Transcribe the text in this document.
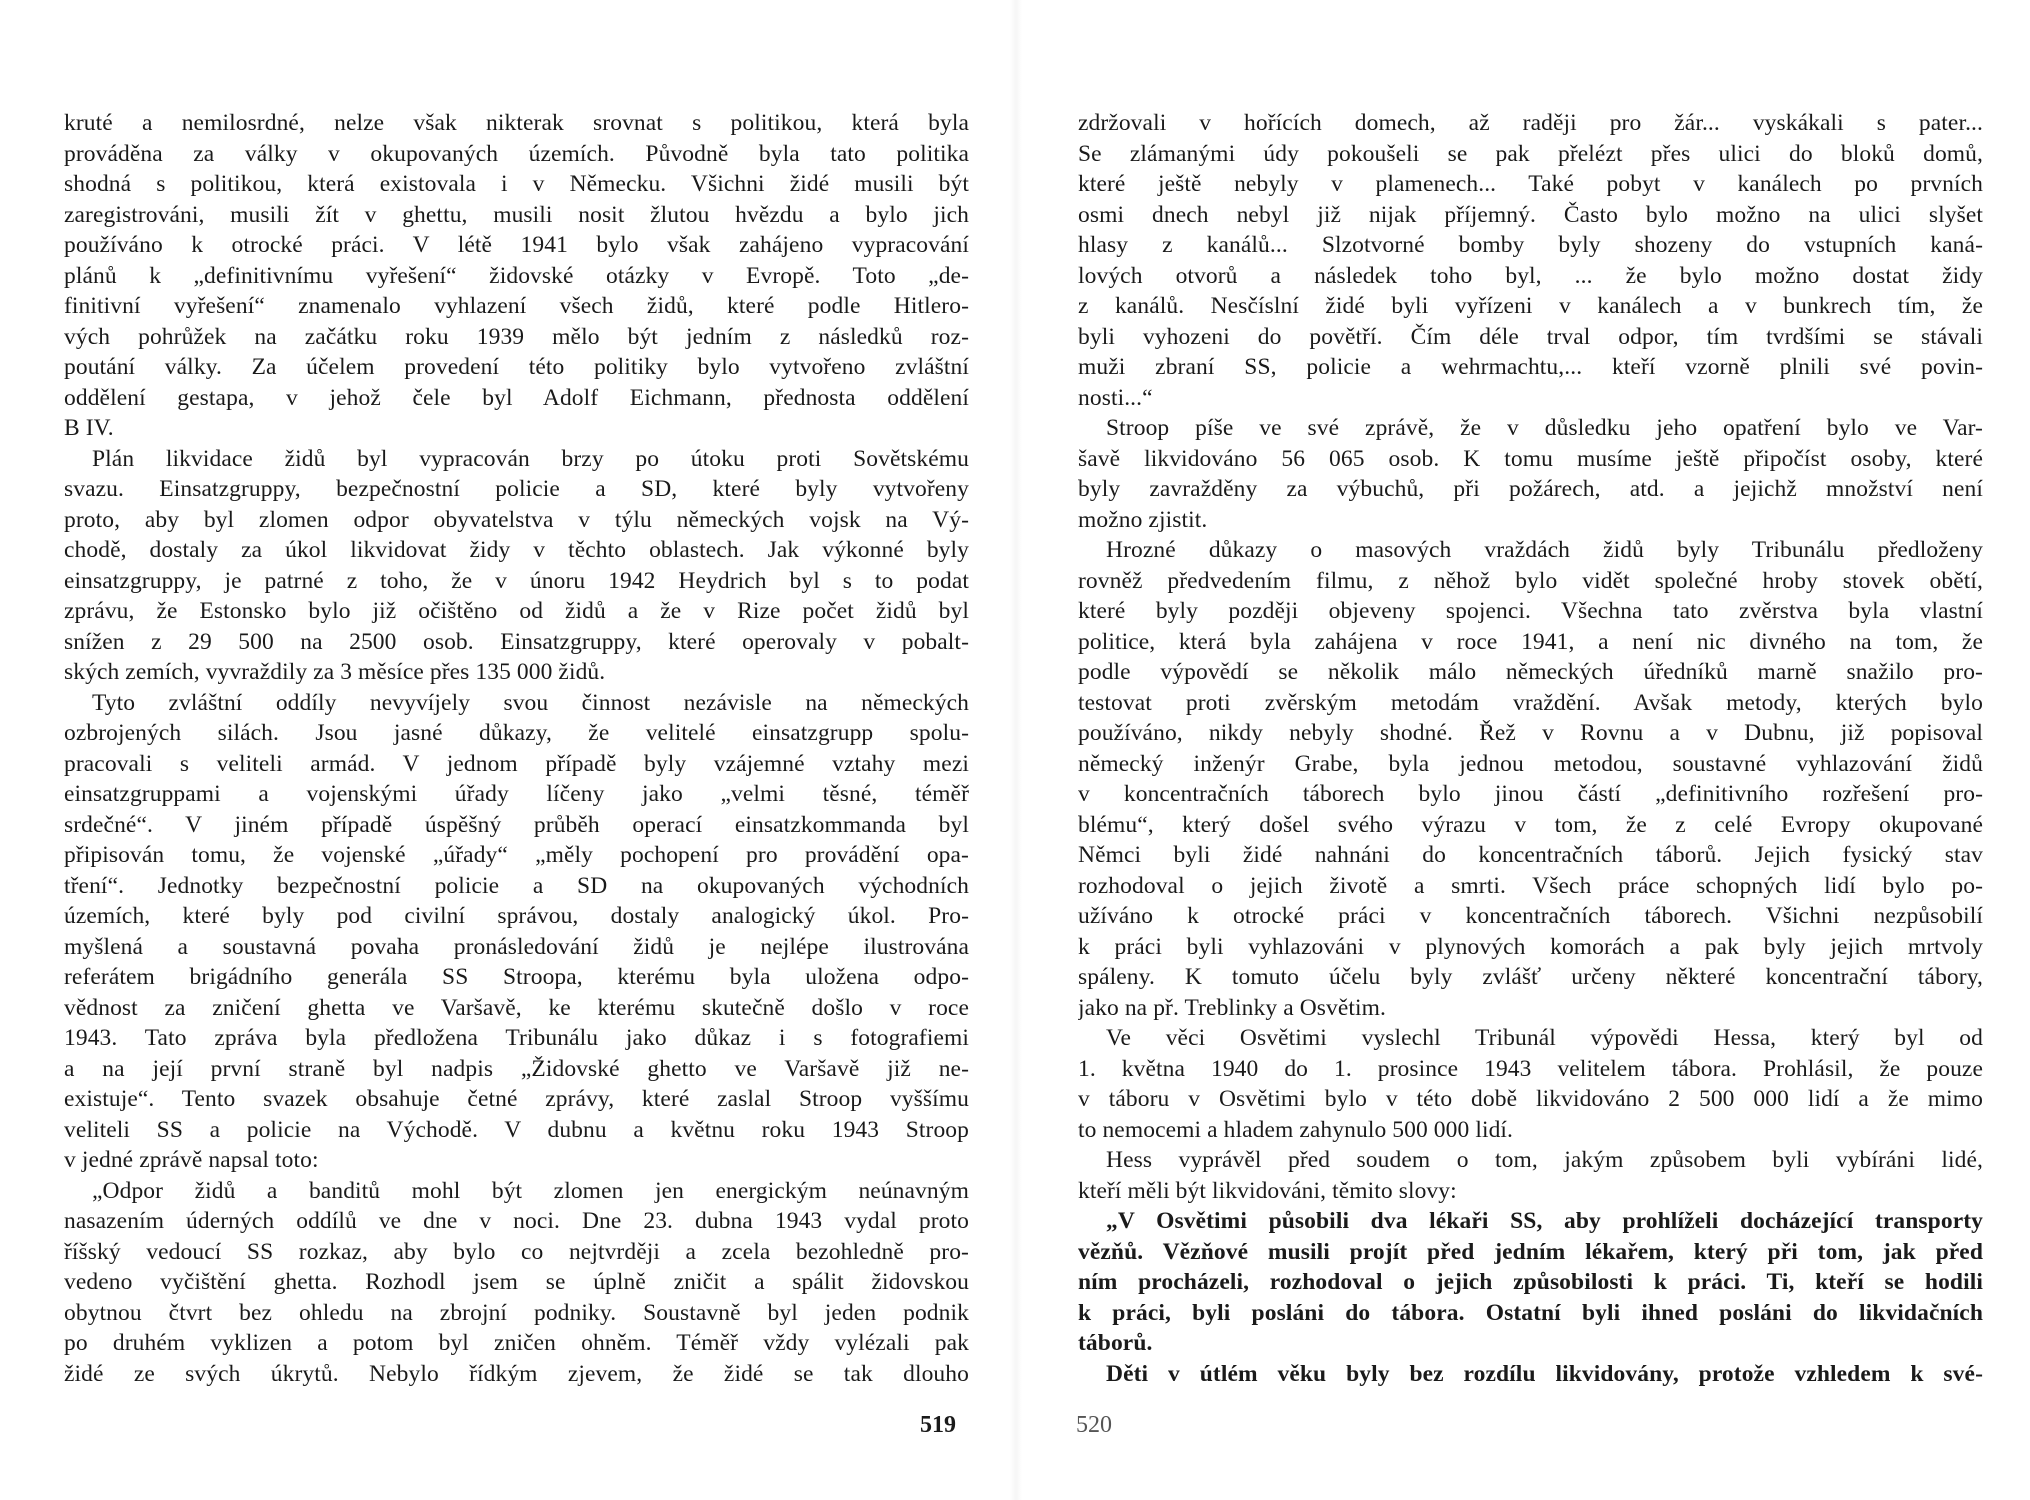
kruté a nemilosrdné, nelze však nikterak srovnat s politikou, která byla
prováděna za války v okupovaných územích. Původně byla tato politika
shodná s politikou, která existovala i v Německu. Všichni židé musili být
zaregistrováni, musili žít v ghettu, musili nosit žlutou hvězdu a bylo jich
používáno k otrocké práci. V létě 1941 bylo však zahájeno vypracování
plánů k „definitivnímu vyřešení“ židovské otázky v Evropě. Toto „de-
finitivní vyřešení“ znamenalo vyhlazení všech židů, které podle Hitlero-
vých pohrůžek na začátku roku 1939 mělo být jedním z následků roz-
poutání války. Za účelem provedení této politiky bylo vytvořeno zvláštní
oddělení gestapa, v jehož čele byl Adolf Eichmann, přednosta oddělení
B IV.
Plán likvidace židů byl vypracován brzy po útoku proti Sovětskému
svazu. Einsatzgruppy, bezpečnostní policie a SD, které byly vytvořeny
proto, aby byl zlomen odpor obyvatelstva v týlu německých vojsk na Vý-
chodě, dostaly za úkol likvidovat židy v těchto oblastech. Jak výkonné byly
einsatzgruppy, je patrné z toho, že v únoru 1942 Heydrich byl s to podat
zprávu, že Estonsko bylo již očištěno od židů a že v Rize počet židů byl
snížen z 29 500 na 2500 osob. Einsatzgruppy, které operovaly v pobalt-
ských zemích, vyvraždily za 3 měsíce přes 135 000 židů.
Tyto zvláštní oddíly nevyvíjely svou činnost nezávisle na německých
ozbrojených silách. Jsou jasné důkazy, že velitelé einsatzgrupp spolu-
pracovali s veliteli armád. V jednom případě byly vzájemné vztahy mezi
einsatzgruppami a vojenskými úřady líčeny jako „velmi těsné, téměř
srdečné“. V jiném případě úspěšný průběh operací einsatzkommanda byl
připisován tomu, že vojenské „úřady“ „měly pochopení pro provádění opa-
tření“. Jednotky bezpečnostní policie a SD na okupovaných východních
územích, které byly pod civilní správou, dostaly analogický úkol. Pro-
myšlená a soustavná povaha pronásledování židů je nejlépe ilustrována
referátem brigádního generála SS Stroopa, kterému byla uložena odpo-
vědnost za zničení ghetta ve Varšavě, ke kterému skutečně došlo v roce
1943. Tato zpráva byla předložena Tribunálu jako důkaz i s fotografiemi
a na její první straně byl nadpis „Židovské ghetto ve Varšavě již ne-
existuje“. Tento svazek obsahuje četné zprávy, které zaslal Stroop vyššímu
veliteli SS a policie na Východě. V dubnu a květnu roku 1943 Stroop
v jedné zprávě napsal toto:
„Odpor židů a banditů mohl být zlomen jen energickým neúnavným
nasazením úderných oddílů ve dne v noci. Dne 23. dubna 1943 vydal proto
říšský vedoucí SS rozkaz, aby bylo co nejtvrději a zcela bezohledně pro-
vedeno vyčištění ghetta. Rozhodl jsem se úplně zničit a spálit židovskou
obytnou čtvrt bez ohledu na zbrojní podniky. Soustavně byl jeden podnik
po druhém vyklizen a potom byl zničen ohněm. Téměř vždy vylézali pak
židé ze svých úkrytů. Nebylo řídkým zjevem, že židé se tak dlouho
zdržovali v hořících domech, až raději pro žár... vyskákali s pater...
Se zlámanými údy pokoušeli se pak přelézt přes ulici do bloků domů,
které ještě nebyly v plamenech... Také pobyt v kanálech po prvních
osmi dnech nebyl již nijak příjemný. Často bylo možno na ulici slyšet
hlasy z kanálů... Slzotvorné bomby byly shozeny do vstupních kaná-
lových otvorů a následek toho byl, ... že bylo možno dostat židy
z kanálů. Nesčíslní židé byli vyřízeni v kanálech a v bunkrech tím, že
byli vyhozeni do povětří. Čím déle trval odpor, tím tvrdšími se stávali
muži zbraní SS, policie a wehrmachtu,... kteří vzorně plnili své povin-
nosti...“
Stroop píše ve své zprávě, že v důsledku jeho opatření bylo ve Var-
šavě likvidováno 56 065 osob. K tomu musíme ještě připočíst osoby, které
byly zavražděny za výbuchů, při požárech, atd. a jejichž množství není
možno zjistit.
Hrozné důkazy o masových vraždách židů byly Tribunálu předloženy
rovněž předvedením filmu, z něhož bylo vidět společné hroby stovek obětí,
které byly později objeveny spojenci. Všechna tato zvěrstva byla vlastní
politice, která byla zahájena v roce 1941, a není nic divného na tom, že
podle výpovědí se několik málo německých úředníků marně snažilo pro-
testovat proti zvěrským metodám vraždění. Avšak metody, kterých bylo
používáno, nikdy nebyly shodné. Řež v Rovnu a v Dubnu, již popisoval
německý inženýr Grabe, byla jednou metodou, soustavné vyhlazování židů
v koncentračních táborech bylo jinou částí „definitivního rozřešení pro-
blému“, který došel svého výrazu v tom, že z celé Evropy okupované
Němci byli židé nahnáni do koncentračních táborů. Jejich fysický stav
rozhodoval o jejich životě a smrti. Všech práce schopných lidí bylo po-
užíváno k otrocké práci v koncentračních táborech. Všichni nezpůsobilí
k práci byli vyhlazováni v plynových komorách a pak byly jejich mrtvoly
spáleny. K tomuto účelu byly zvlášť určeny některé koncentrační tábory,
jako na př. Treblinky a Osvětim.
Ve věci Osvětimi vyslechl Tribunál výpovědi Hessa, který byl od
1. května 1940 do 1. prosince 1943 velitelem tábora. Prohlásil, že pouze
v táboru v Osvětimi bylo v této době likvidováno 2 500 000 lidí a že mimo
to nemocemi a hladem zahynulo 500 000 lidí.
Hess vyprávěl před soudem o tom, jakým způsobem byli vybíráni lidé,
kteří měli být likvidováni, těmito slovy:
„V Osvětimi působili dva lékaři SS, aby prohlíželi docházející transporty
vězňů. Vězňové musili projít před jedním lékařem, který při tom, jak před
ním procházeli, rozhodoval o jejich způsobilosti k práci. Ti, kteří se hodili
k práci, byli posláni do tábora. Ostatní byli ihned posláni do likvidačních
táborů.
Děti v útlém věku byly bez rozdílu likvidovány, protože vzhledem k své-
519	520
